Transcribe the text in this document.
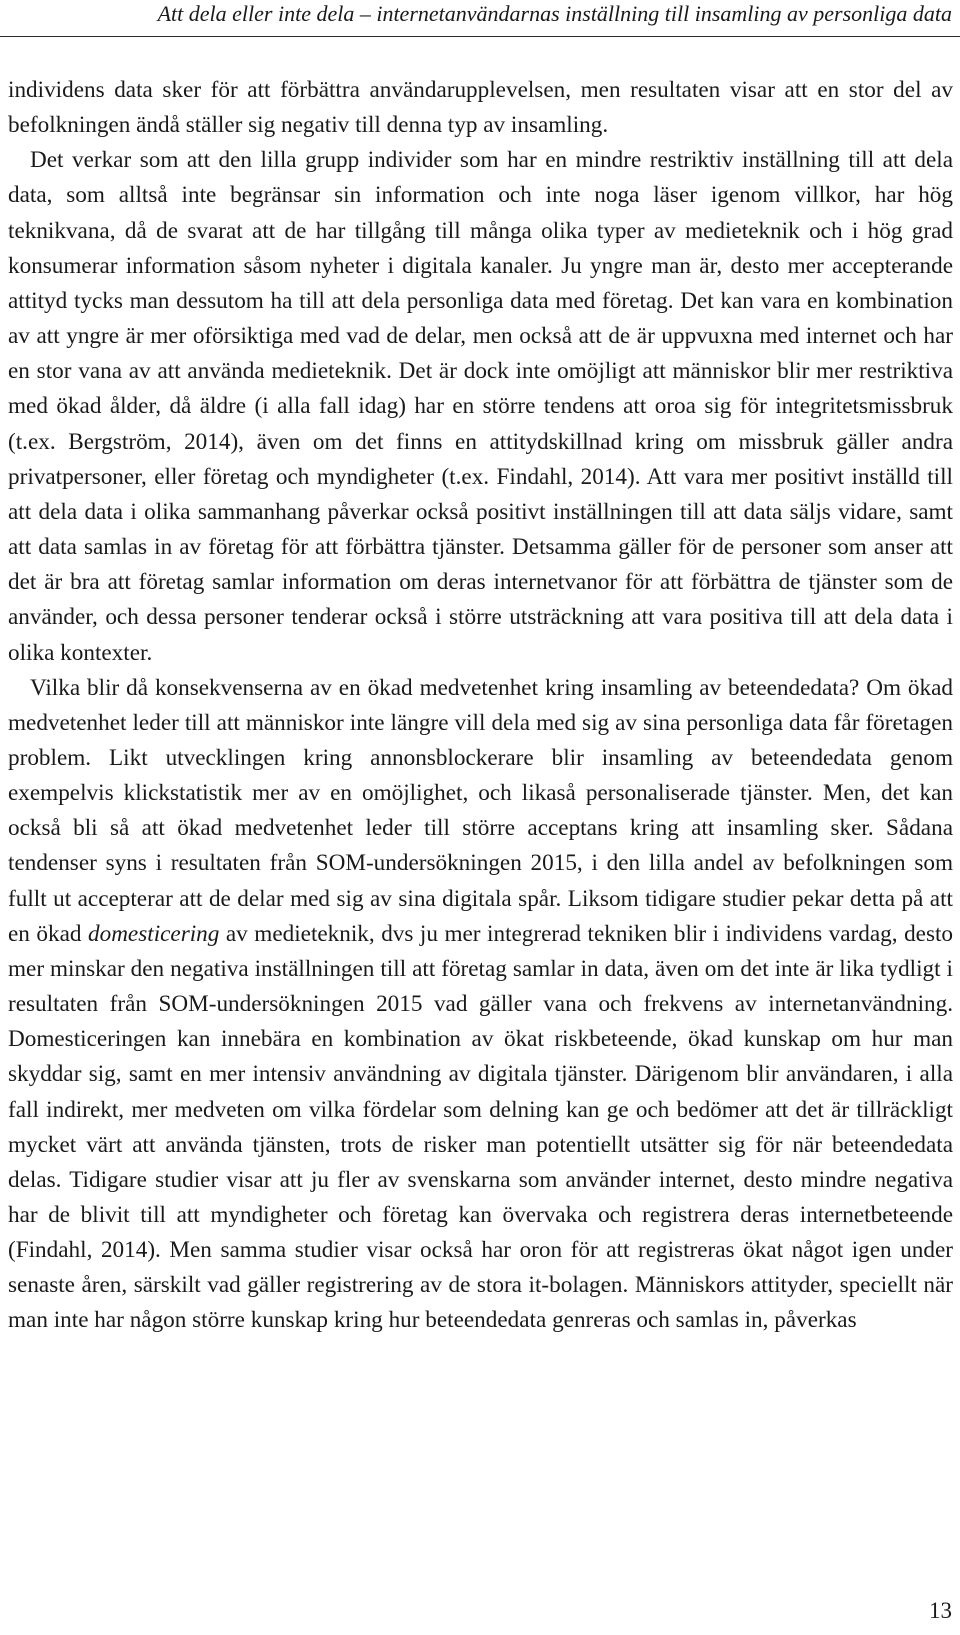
Att dela eller inte dela – internetanvändarnas inställning till insamling av personliga data

individens data sker för att förbättra användarupplevelsen, men resultaten visar att en stor del av befolkningen ändå ställer sig negativ till denna typ av insamling.

Det verkar som att den lilla grupp individer som har en mindre restriktiv inställning till att dela data, som alltså inte begränsar sin information och inte noga läser igenom villkor, har hög teknikvana, då de svarat att de har tillgång till många olika typer av medieteknik och i hög grad konsumerar information såsom nyheter i digitala kanaler. Ju yngre man är, desto mer accepterande attityd tycks man dessutom ha till att dela personliga data med företag. Det kan vara en kombination av att yngre är mer oförsiktiga med vad de delar, men också att de är uppvuxna med internet och har en stor vana av att använda medieteknik. Det är dock inte omöjligt att människor blir mer restriktiva med ökad ålder, då äldre (i alla fall idag) har en större tendens att oroa sig för integritetsmissbruk (t.ex. Bergström, 2014), även om det finns en attitydskillnad kring om missbruk gäller andra privatpersoner, eller företag och myndigheter (t.ex. Findahl, 2014). Att vara mer positivt inställd till att dela data i olika sammanhang påverkar också positivt inställningen till att data säljs vidare, samt att data samlas in av företag för att förbättra tjänster. Detsamma gäller för de personer som anser att det är bra att företag samlar information om deras internetvanor för att förbättra de tjänster som de använder, och dessa personer tenderar också i större utsträckning att vara positiva till att dela data i olika kontexter.

Vilka blir då konsekvenserna av en ökad medvetenhet kring insamling av beteendedata? Om ökad medvetenhet leder till att människor inte längre vill dela med sig av sina personliga data får företagen problem. Likt utvecklingen kring annonsblockerare blir insamling av beteendedata genom exempelvis klickstatistik mer av en omöjlighet, och likaså personaliserade tjänster. Men, det kan också bli så att ökad medvetenhet leder till större acceptans kring att insamling sker. Sådana tendenser syns i resultaten från SOM-undersökningen 2015, i den lilla andel av befolkningen som fullt ut accepterar att de delar med sig av sina digitala spår. Liksom tidigare studier pekar detta på att en ökad domesticering av medieteknik, dvs ju mer integrerad tekniken blir i individens vardag, desto mer minskar den negativa inställningen till att företag samlar in data, även om det inte är lika tydligt i resultaten från SOM-undersökningen 2015 vad gäller vana och frekvens av internetanvändning. Domesticeringen kan innebära en kombination av ökat riskbeteende, ökad kunskap om hur man skyddar sig, samt en mer intensiv användning av digitala tjänster. Därigenom blir användaren, i alla fall indirekt, mer medveten om vilka fördelar som delning kan ge och bedömer att det är tillräckligt mycket värt att använda tjänsten, trots de risker man potentiellt utsätter sig för när beteendedata delas. Tidigare studier visar att ju fler av svenskarna som använder internet, desto mindre negativa har de blivit till att myndigheter och företag kan övervaka och registrera deras internetbeteende (Findahl, 2014). Men samma studier visar också har oron för att registreras ökat något igen under senaste åren, särskilt vad gäller registrering av de stora it-bolagen. Människors attityder, speciellt när man inte har någon större kunskap kring hur beteendedata genreras och samlas in, påverkas

13
